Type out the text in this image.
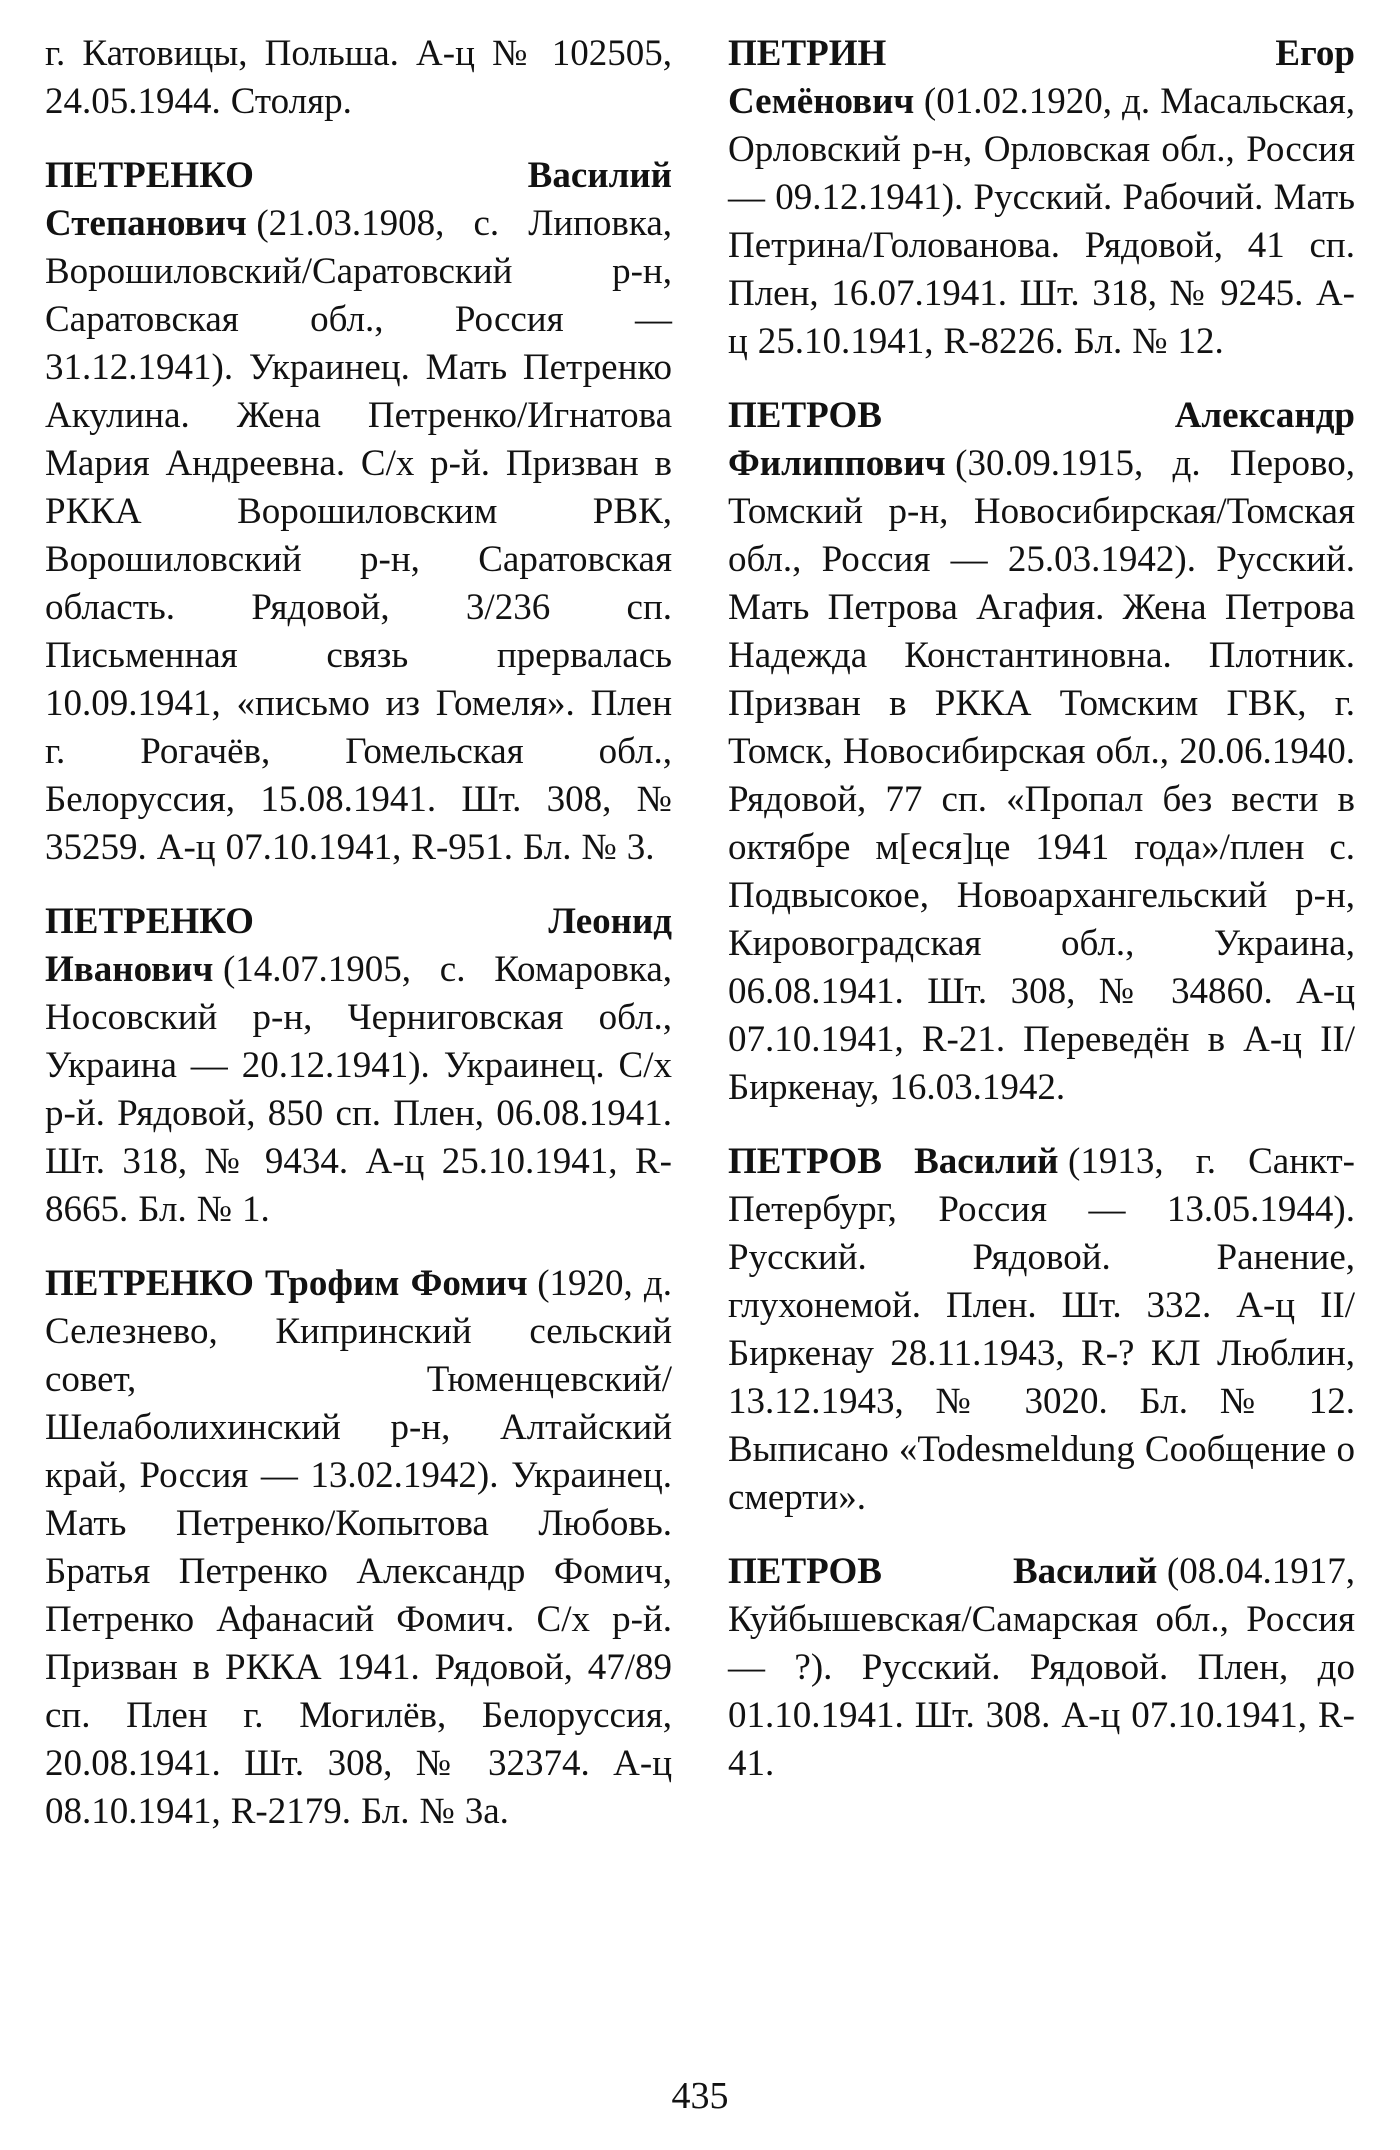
г. Катовицы, Польша. А-ц № 102505, 24.05.1944. Столяр.

ПЕТРЕНКО Василий Степанович (21.03.1908, с. Липовка, Ворошиловский/Саратовский р-н, Саратовская обл., Россия — 31.12.1941). Украинец. Мать Петренко Акулина. Жена Петренко/Игнатова Мария Андреевна. С/х р-й. Призван в РККА Ворошиловским РВК, Ворошиловский р-н, Саратовская область. Рядовой, 3/236 сп. Письменная связь прервалась 10.09.1941, «письмо из Гомеля». Плен г. Рогачёв, Гомельская обл., Белоруссия, 15.08.1941. Шт. 308, № 35259. А-ц 07.10.1941, R-951. Бл. № 3.

ПЕТРЕНКО Леонид Иванович (14.07.1905, с. Комаровка, Носовский р-н, Черниговская обл., Украина — 20.12.1941). Украинец. С/х р-й. Рядовой, 850 сп. Плен, 06.08.1941. Шт. 318, № 9434. А-ц 25.10.1941, R-8665. Бл. № 1.

ПЕТРЕНКО Трофим Фомич (1920, д. Селезнево, Кипринский сельский совет, Тюменцевский/Шелаболихинский р-н, Алтайский край, Россия — 13.02.1942). Украинец. Мать Петренко/Копытова Любовь. Братья Петренко Александр Фомич, Петренко Афанасий Фомич. С/х р-й. Призван в РККА 1941. Рядовой, 47/89 сп. Плен г. Могилёв, Белоруссия, 20.08.1941. Шт. 308, № 32374. А-ц 08.10.1941, R-2179. Бл. № 3а.

ПЕТРИН Егор Семёнович (01.02.1920, д. Масальская, Орловский р-н, Орловская обл., Россия — 09.12.1941). Русский. Рабочий. Мать Петрина/Голованова. Рядовой, 41 сп. Плен, 16.07.1941. Шт. 318, № 9245. А-ц 25.10.1941, R-8226. Бл. № 12.

ПЕТРОВ Александр Филиппович (30.09.1915, д. Перово, Томский р-н, Новосибирская/Томская обл., Россия — 25.03.1942). Русский. Мать Петрова Агафия. Жена Петрова Надежда Константиновна. Плотник. Призван в РККА Томским ГВК, г. Томск, Новосибирская обл., 20.06.1940. Рядовой, 77 сп. «Пропал без вести в октябре м[еся]це 1941 года»/плен с. Подвысокое, Новоархангельский р-н, Кировоградская обл., Украина, 06.08.1941. Шт. 308, № 34860. А-ц 07.10.1941, R-21. Переведён в А-ц II/Биркенау, 16.03.1942.

ПЕТРОВ Василий (1913, г. Санкт-Петербург, Россия — 13.05.1944). Русский. Рядовой. Ранение, глухонемой. Плен. Шт. 332. А-ц II/Биркенау 28.11.1943, R-? КЛ Люблин, 13.12.1943, № 3020. Бл. № 12. Выписано «Todesmeldung Сообщение о смерти».

ПЕТРОВ Василий (08.04.1917, Куйбышевская/Самарская обл., Россия — ?). Русский. Рядовой. Плен, до 01.10.1941. Шт. 308. А-ц 07.10.1941, R-41.

435
